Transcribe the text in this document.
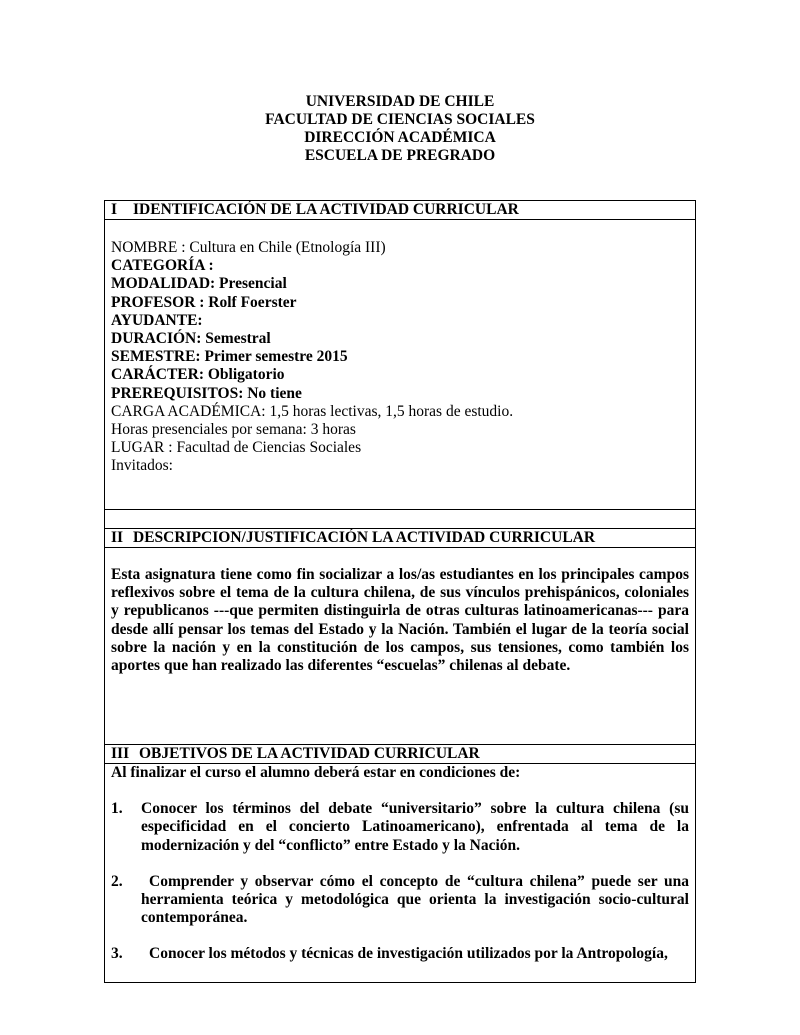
UNIVERSIDAD DE CHILE
FACULTAD DE CIENCIAS SOCIALES
DIRECCIÓN ACADÉMICA
ESCUELA DE PREGRADO
I IDENTIFICACIÓN DE LA ACTIVIDAD CURRICULAR

NOMBRE : Cultura en Chile (Etnología III)
CATEGORÍA :
MODALIDAD: Presencial
PROFESOR : Rolf Foerster
AYUDANTE:
DURACIÓN: Semestral
SEMESTRE: Primer semestre 2015
CARÁCTER: Obligatorio
PREREQUISITOS: No tiene
CARGA ACADÉMICA: 1,5 horas lectivas, 1,5 horas de estudio.
Horas presenciales por semana: 3 horas
LUGAR : Facultad de Ciencias Sociales
Invitados:

II DESCRIPCION/JUSTIFICACIÓN LA ACTIVIDAD CURRICULAR
Esta asignatura tiene como fin socializar a los/as estudiantes en los principales campos reflexivos sobre el tema de la cultura chilena, de sus vínculos prehispánicos, coloniales y republicanos ---que permiten distinguirla de otras culturas latinoamericanas--- para desde allí pensar los temas del Estado y la Nación. También el lugar de la teoría social sobre la nación y en la constitución de los campos, sus tensiones, como también los aportes que han realizado las diferentes “escuelas” chilenas al debate.
III OBJETIVOS DE LA ACTIVIDAD CURRICULAR

Al finalizar el curso el alumno deberá estar en condiciones de:
1. Conocer los términos del debate “universitario” sobre la cultura chilena (su especificidad en el concierto Latinoamericano), enfrentada al tema de la modernización y del “conflicto” entre Estado y la Nación.
2.	Comprender y observar cómo el concepto de “cultura chilena” puede ser una herramienta teórica y metodológica que orienta la investigación socio-cultural contemporánea.
3.	Conocer los métodos y técnicas de investigación utilizados por la Antropología,
